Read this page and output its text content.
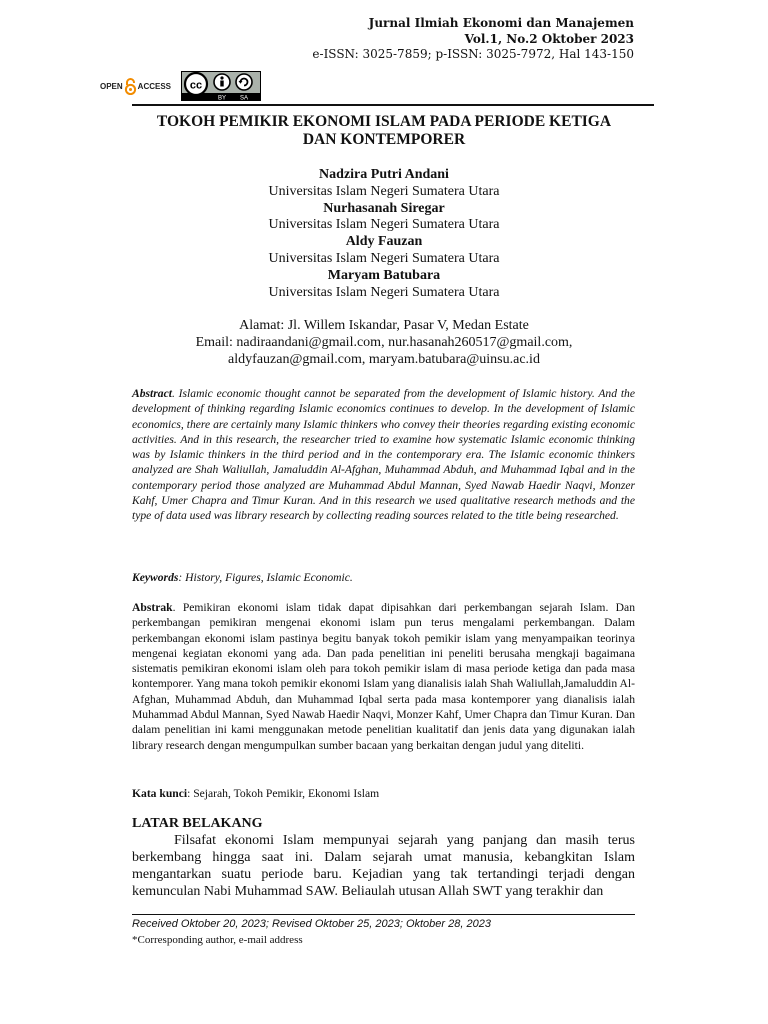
Jurnal Ilmiah Ekonomi dan Manajemen
Vol.1, No.2 Oktober 2023
e-ISSN: 3025-7859; p-ISSN: 3025-7972, Hal 143-150
OPEN ACCESS cc
BY SA
TOKOH PEMIKIR EKONOMI ISLAM PADA PERIODE KETIGA
DAN KONTEMPORER
Nadzira Putri Andani
Universitas Islam Negeri Sumatera Utara
Nurhasanah Siregar
Universitas Islam Negeri Sumatera Utara
Aldy Fauzan
Universitas Islam Negeri Sumatera Utara
Maryam Batubara
Universitas Islam Negeri Sumatera Utara
Alamat: Jl. Willem Iskandar, Pasar V, Medan Estate
Email: nadiraandani@gmail.com, nur.hasanah260517@gmail.com,
aldyfauzan@gmail.com, maryam.batubara@uinsu.ac.id

Abstract. Islamic economic thought cannot be separated from the development of Islamic history. And the development of thinking regarding Islamic economics continues to develop. In the development of Islamic economics, there are certainly many Islamic thinkers who convey their theories regarding existing economic activities. And in this research, the researcher tried to examine how systematic Islamic economic thinking was by Islamic thinkers in the third period and in the contemporary era. The Islamic economic thinkers analyzed are Shah Waliullah, Jamaluddin Al-Afghan, Muhammad Abduh, and Muhammad Iqbal and in the contemporary period those analyzed are Muhammad Abdul Mannan, Syed Nawab Haedir Naqvi, Monzer Kahf, Umer Chapra and Timur Kuran. And in this research we used qualitative research methods and the type of data used was library research by collecting reading sources related to the title being researched.

Keywords: History, Figures, Islamic Economic.

Abstrak. Pemikiran ekonomi islam tidak dapat dipisahkan dari perkembangan sejarah Islam. Dan perkembangan pemikiran mengenai ekonomi islam pun terus mengalami perkembangan. Dalam perkembangan ekonomi islam pastinya begitu banyak tokoh pemikir islam yang menyampaikan teorinya mengenai kegiatan ekonomi yang ada. Dan pada penelitian ini peneliti berusaha mengkaji bagaimana sistematis pemikiran ekonomi islam oleh para tokoh pemikir islam di masa periode ketiga dan pada masa kontemporer. Yang mana tokoh pemikir ekonomi Islam yang dianalisis ialah Shah Waliullah,Jamaluddin Al-Afghan, Muhammad Abduh, dan Muhammad Iqbal serta pada masa kontemporer yang dianalisis ialah Muhammad Abdul Mannan, Syed Nawab Haedir Naqvi, Monzer Kahf, Umer Chapra dan Timur Kuran. Dan dalam penelitian ini kami menggunakan metode penelitian kualitatif dan jenis data yang digunakan ialah library research dengan mengumpulkan sumber bacaan yang berkaitan dengan judul yang diteliti.

Kata kunci: Sejarah, Tokoh Pemikir, Ekonomi Islam

LATAR BELAKANG

Filsafat ekonomi Islam mempunyai sejarah yang panjang dan masih terus berkembang hingga saat ini. Dalam sejarah umat manusia, kebangkitan Islam mengantarkan suatu periode baru. Kejadian yang tak tertandingi terjadi dengan kemunculan Nabi Muhammad SAW. Beliaulah utusan Allah SWT yang terakhir dan

Received Oktober 20, 2023; Revised Oktober 25, 2023; Oktober 28, 2023

*Corresponding author, e-mail address
